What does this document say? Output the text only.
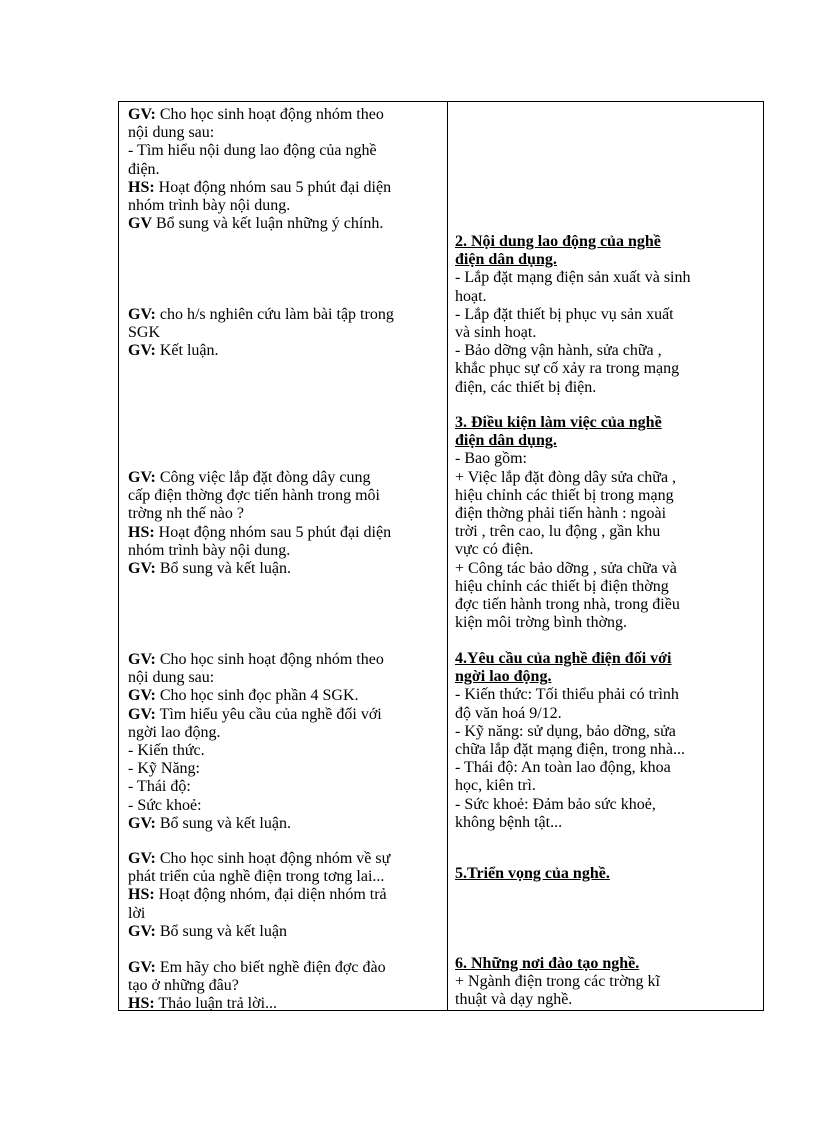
GV: Cho học sinh hoạt động nhóm theo

nội dung sau:

- Tìm hiểu nội dung lao động của nghề

điện.

HS: Hoạt động nhóm sau 5 phút đại diện

nhóm trình bày nội dung.

GV Bổ sung và kết luận những ý chính.

GV: cho h/s nghiên cứu làm bài tập trong

SGK

GV: Kết luận.

GV: Công việc lắp đặt đòng dây cung

cấp điện thờng đợc tiến hành trong môi

trờng nh thế nào ?

HS: Hoạt động nhóm sau 5 phút đại diện

nhóm trình bày nội dung.

GV: Bổ sung và kết luận.

GV: Cho học sinh hoạt động nhóm theo

nội dung sau:

GV: Cho học sinh đọc phần 4 SGK.

GV: Tìm hiểu yêu cầu của nghề đối với

ngời lao động.

- Kiến thức.

- Kỹ Năng:

- Thái độ:

- Sức khoẻ:

GV: Bổ sung và kết luận.

GV: Cho học sinh hoạt động nhóm về sự

phát triển của nghề điện trong tơng lai...

HS: Hoạt động nhóm, đại diện nhóm trả

lời

GV: Bổ sung và kết luận

GV: Em hãy cho biết nghề điện đợc đào

tạo ở những đâu?

HS: Thảo luận trả lời...

2. Nội dung lao động của nghề

điện dân dụng.

- Lắp đặt mạng điện sản xuất và sinh

hoạt.

- Lắp đặt thiết bị phục vụ sản xuất

và sinh hoạt.

- Bảo dỡng vận hành, sửa chữa ,

khắc phục sự cố xảy ra trong mạng

điện, các thiết bị điện.

3. Điều kiện làm việc của nghề

điện dân dụng.

- Bao gồm:

+ Việc lắp đặt đòng dây sửa chữa ,

hiệu chỉnh các thiết bị trong mạng

điện thờng phải tiến hành : ngoài

trời , trên cao, lu động , gần khu

vực có điện.

+ Công tác bảo dỡng , sửa chữa và

hiệu chỉnh các thiết bị điện thờng

đợc tiến hành trong nhà, trong điều

kiện môi trờng bình thờng.

4.Yêu cầu của nghề điện đối với

ngời lao động.

- Kiến thức: Tối thiểu phải có trình

độ văn hoá 9/12.

- Kỹ năng: sử dụng, bảo dỡng, sửa

chữa lắp đặt mạng điện, trong nhà...

- Thái độ: An toàn lao động, khoa

học, kiên trì.

- Sức khoẻ: Đảm bảo sức khoẻ,

không bệnh tật...

5.Triển vọng của nghề.

6. Những nơi đào tạo nghề.

+ Ngành điện trong các trờng kĩ

thuật và dạy nghề.
